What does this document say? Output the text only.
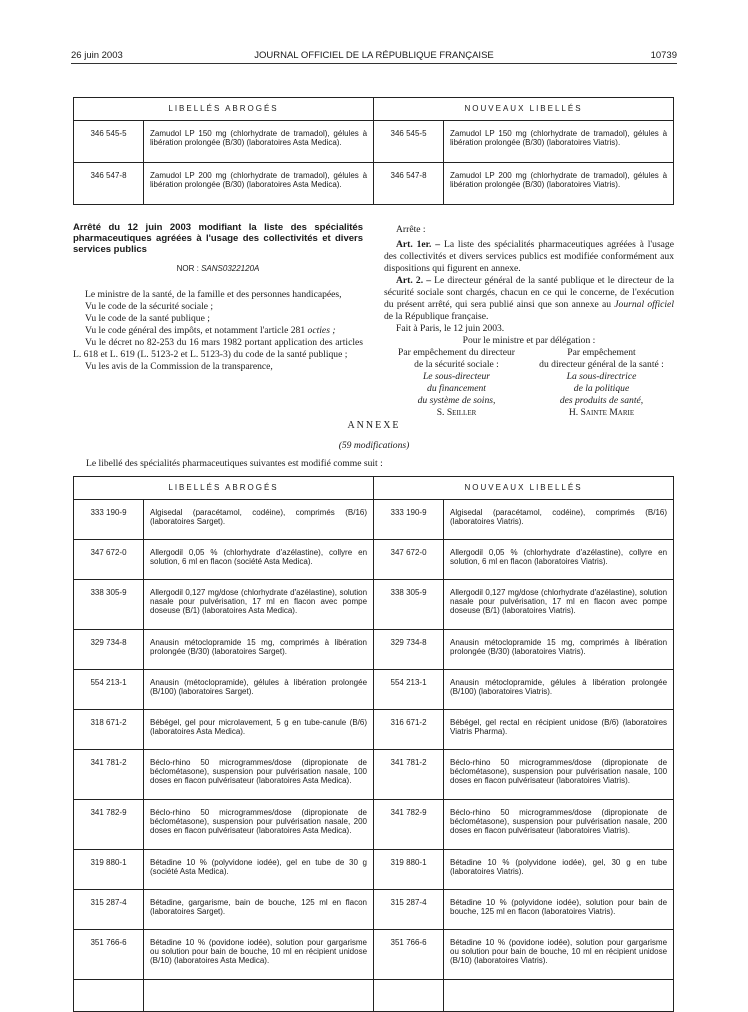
26 juin 2003	JOURNAL OFFICIEL DE LA RÉPUBLIQUE FRANÇAISE	10739
LIBELLÉS ABROGÉS		NOUVEAUX LIBELLÉS	
346 545-5	Zamudol LP 150 mg (chlorhydrate de tramadol), gélules à libération prolongée (B/30) (laboratoires Asta Medica).	346 545-5	Zamudol LP 150 mg (chlorhydrate de tramadol), gélules à libération prolongée (B/30) (laboratoires Viatris).
346 547-8	Zamudol LP 200 mg (chlorhydrate de tramadol), gélules à libération prolongée (B/30) (laboratoires Asta Medica).	346 547-8	Zamudol LP 200 mg (chlorhydrate de tramadol), gélules à libération prolongée (B/30) (laboratoires Viatris).

Arrêté du 12 juin 2003 modifiant la liste des spécialités pharmaceutiques agréées à l'usage des collectivités et divers services publics

NOR : SANS0322120A

Le ministre de la santé, de la famille et des personnes handicapées,

Vu le code de la sécurité sociale ;

Vu le code de la santé publique ;

Vu le code général des impôts, et notamment l'article 281 octies ;

Vu le décret no 82-253 du 16 mars 1982 portant application des articles L. 618 et L. 619 (L. 5123-2 et L. 5123-3) du code de la santé publique ;

Vu les avis de la Commission de la transparence,

Arrête :

Art. 1er. – La liste des spécialités pharmaceutiques agréées à l'usage des collectivités et divers services publics est modifiée conformément aux dispositions qui figurent en annexe.

Art. 2. – Le directeur général de la santé publique et le directeur de la sécurité sociale sont chargés, chacun en ce qui le concerne, de l'exécution du présent arrêté, qui sera publié ainsi que son annexe au Journal officiel de la République française.

Fait à Paris, le 12 juin 2003.

Pour le ministre et par délégation :

Par empêchement du directeur
de la sécurité sociale :
Le sous-directeur
du financement
du système de soins,
S. Seiller
Par empêchement
du directeur général de la santé :
La sous-directrice
de la politique
des produits de santé,
H. Sainte Marie
ANNEXE
(59 modifications)
Le libellé des spécialités pharmaceutiques suivantes est modifié comme suit :
LIBELLÉS ABROGÉS		NOUVEAUX LIBELLÉS	
333 190-9	Algisedal (paracétamol, codéine), comprimés (B/16) (laboratoires Sarget).	333 190-9	Algisedal (paracétamol, codéine), comprimés (B/16) (laboratoires Viatris).
347 672-0	Allergodil 0,05 % (chlorhydrate d'azélastine), collyre en solution, 6 ml en flacon (société Asta Medica).	347 672-0	Allergodil 0,05 % (chlorhydrate d'azélastine), collyre en solution, 6 ml en flacon (laboratoires Viatris).
338 305-9	Allergodil 0,127 mg/dose (chlorhydrate d'azélastine), solution nasale pour pulvérisation, 17 ml en flacon avec pompe doseuse (B/1) (laboratoires Asta Medica).	338 305-9	Allergodil 0,127 mg/dose (chlorhydrate d'azélastine), solution nasale pour pulvérisation, 17 ml en flacon avec pompe doseuse (B/1) (laboratoires Viatris).
329 734-8	Anausin métoclopramide 15 mg, comprimés à libération prolongée (B/30) (laboratoires Sarget).	329 734-8	Anausin métoclopramide 15 mg, comprimés à libération prolongée (B/30) (laboratoires Viatris).
554 213-1	Anausin (métoclopramide), gélules à libération prolongée (B/100) (laboratoires Sarget).	554 213-1	Anausin métoclopramide, gélules à libération prolongée (B/100) (laboratoires Viatris).
318 671-2	Bébégel, gel pour microlavement, 5 g en tube-canule (B/6) (laboratoires Asta Medica).	316 671-2	Bébégel, gel rectal en récipient unidose (B/6) (laboratoires Viatris Pharma).
341 781-2	Béclo-rhino 50 microgrammes/dose (dipropionate de béclométasone), suspension pour pulvérisation nasale, 100 doses en flacon pulvérisateur (laboratoires Asta Medica).	341 781-2	Béclo-rhino 50 microgrammes/dose (dipropionate de béclométasone), suspension pour pulvérisation nasale, 100 doses en flacon pulvérisateur (laboratoires Viatris).
341 782-9	Béclo-rhino 50 microgrammes/dose (dipropionate de béclométasone), suspension pour pulvérisation nasale, 200 doses en flacon pulvérisateur (laboratoires Asta Medica).	341 782-9	Béclo-rhino 50 microgrammes/dose (dipropionate de béclométasone), suspension pour pulvérisation nasale, 200 doses en flacon pulvérisateur (laboratoires Viatris).
319 880-1	Bétadine 10 % (polyvidone iodée), gel en tube de 30 g (société Asta Medica).	319 880-1	Bétadine 10 % (polyvidone iodée), gel, 30 g en tube (laboratoires Viatris).
315 287-4	Bétadine, gargarisme, bain de bouche, 125 ml en flacon (laboratoires Sarget).	315 287-4	Bétadine 10 % (polyvidone iodée), solution pour bain de bouche, 125 ml en flacon (laboratoires Viatris).
351 766-6	Bétadine 10 % (povidone iodée), solution pour gargarisme ou solution pour bain de bouche, 10 ml en récipient unidose (B/10) (laboratoires Asta Medica).	351 766-6	Bétadine 10 % (povidone iodée), solution pour gargarisme ou solution pour bain de bouche, 10 ml en récipient unidose (B/10) (laboratoires Viatris).
